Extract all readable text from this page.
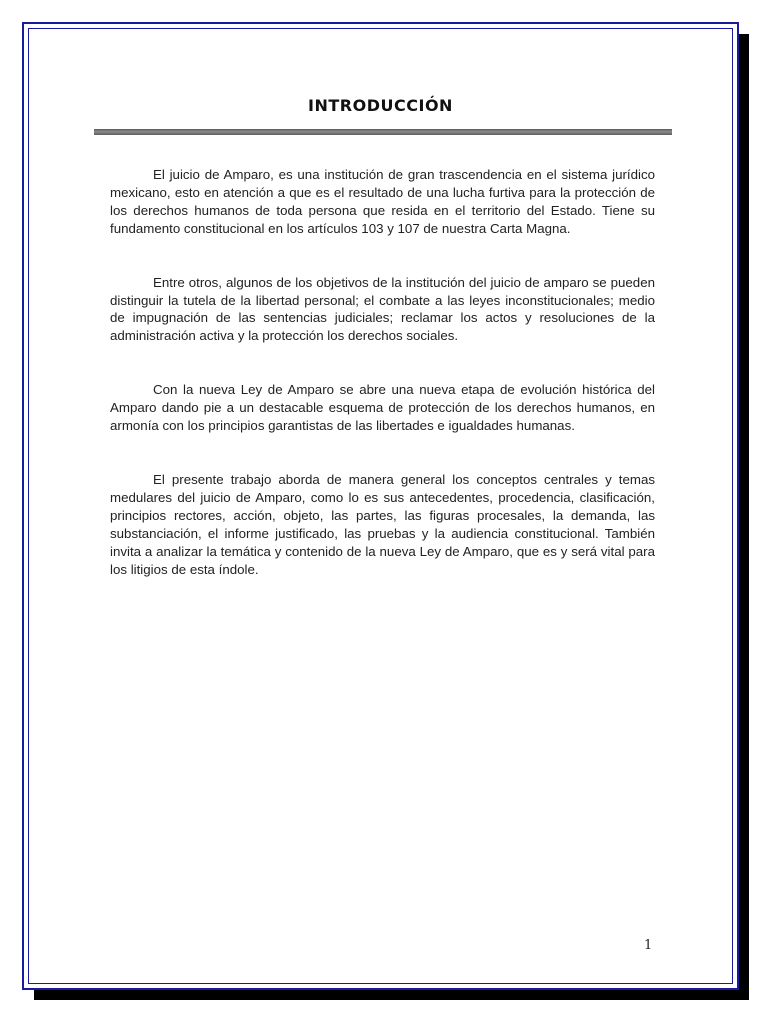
INTRODUCCIÓN

El juicio de Amparo, es una institución de gran trascendencia en el sistema jurídico mexicano, esto en atención a que es el resultado de una lucha furtiva para la protección de los derechos humanos de toda persona que resida en el territorio del Estado. Tiene su fundamento constitucional en los artículos 103 y 107 de nuestra Carta Magna.

Entre otros, algunos de los objetivos de la institución del juicio de amparo se pueden distinguir la tutela de la libertad personal; el combate a las leyes inconstitucionales; medio de impugnación de las sentencias judiciales; reclamar los actos y resoluciones de la administración activa y la protección los derechos sociales.

Con la nueva Ley de Amparo se abre una nueva etapa de evolución histórica del Amparo dando pie a un destacable esquema de protección de los derechos humanos, en armonía con los principios garantistas de las libertades e igualdades humanas.

El presente trabajo aborda de manera general los conceptos centrales y temas medulares del juicio de Amparo, como lo es sus antecedentes, procedencia, clasificación, principios rectores, acción, objeto, las partes, las figuras procesales, la demanda, las substanciación, el informe justificado, las pruebas y la audiencia constitucional. También invita a analizar la temática y contenido de la nueva Ley de Amparo, que es y será vital para los litigios de esta índole.

1
